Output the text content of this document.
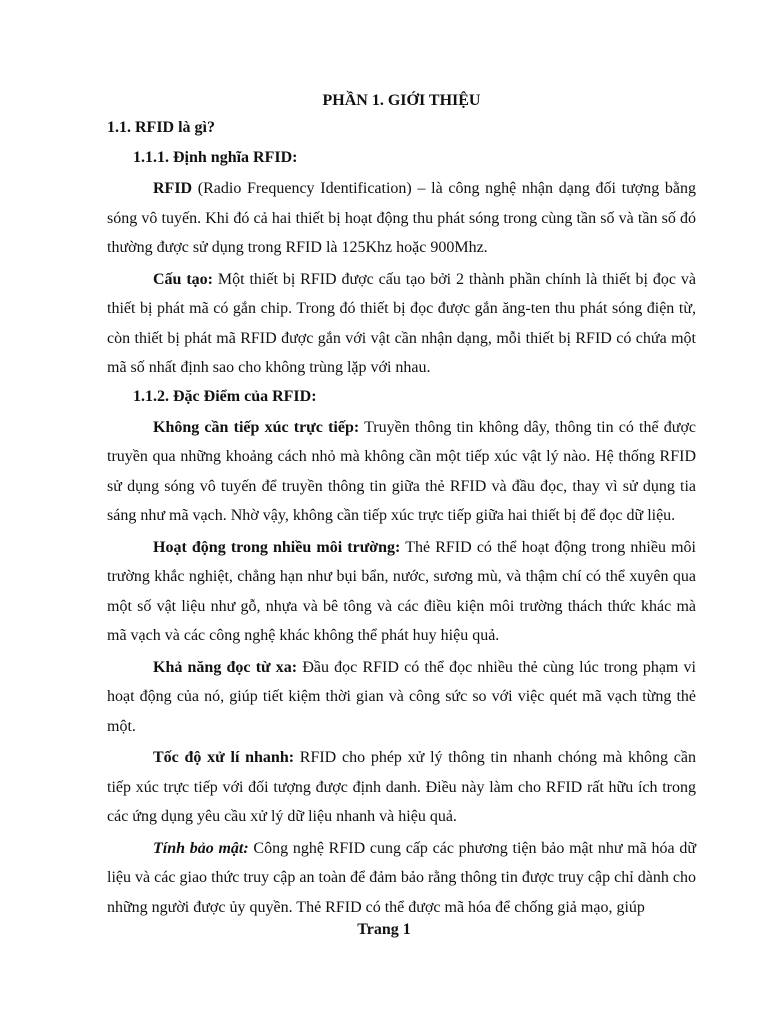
PHẦN 1. GIỚI THIỆU
1.1. RFID là gì?
1.1.1. Định nghĩa RFID:

RFID (Radio Frequency Identification) – là công nghệ nhận dạng đối tượng bằng sóng vô tuyến. Khi đó cả hai thiết bị hoạt động thu phát sóng trong cùng tần số và tần số đó thường được sử dụng trong RFID là 125Khz hoặc 900Mhz.

Cấu tạo: Một thiết bị RFID được cấu tạo bởi 2 thành phần chính là thiết bị đọc và thiết bị phát mã có gắn chip. Trong đó thiết bị đọc được gắn ăng-ten thu phát sóng điện từ, còn thiết bị phát mã RFID được gắn với vật cần nhận dạng, mỗi thiết bị RFID có chứa một mã số nhất định sao cho không trùng lặp với nhau.

1.1.2. Đặc Điểm của RFID:

Không cần tiếp xúc trực tiếp: Truyền thông tin không dây, thông tin có thể được truyền qua những khoảng cách nhỏ mà không cần một tiếp xúc vật lý nào. Hệ thống RFID sử dụng sóng vô tuyến để truyền thông tin giữa thẻ RFID và đầu đọc, thay vì sử dụng tia sáng như mã vạch. Nhờ vậy, không cần tiếp xúc trực tiếp giữa hai thiết bị để đọc dữ liệu.

Hoạt động trong nhiều môi trường: Thẻ RFID có thể hoạt động trong nhiều môi trường khắc nghiệt, chẳng hạn như bụi bẩn, nước, sương mù, và thậm chí có thể xuyên qua một số vật liệu như gỗ, nhựa và bê tông và các điều kiện môi trường thách thức khác mà mã vạch và các công nghệ khác không thể phát huy hiệu quả.

Khả năng đọc từ xa: Đầu đọc RFID có thể đọc nhiều thẻ cùng lúc trong phạm vi hoạt động của nó, giúp tiết kiệm thời gian và công sức so với việc quét mã vạch từng thẻ một.

Tốc độ xử lí nhanh: RFID cho phép xử lý thông tin nhanh chóng mà không cần tiếp xúc trực tiếp với đối tượng được định danh. Điều này làm cho RFID rất hữu ích trong các ứng dụng yêu cầu xử lý dữ liệu nhanh và hiệu quả.

Tính bảo mật: Công nghệ RFID cung cấp các phương tiện bảo mật như mã hóa dữ liệu và các giao thức truy cập an toàn để đảm bảo rằng thông tin được truy cập chỉ dành cho những người được ủy quyền. Thẻ RFID có thể được mã hóa để chống giả mạo, giúp

Trang 1
